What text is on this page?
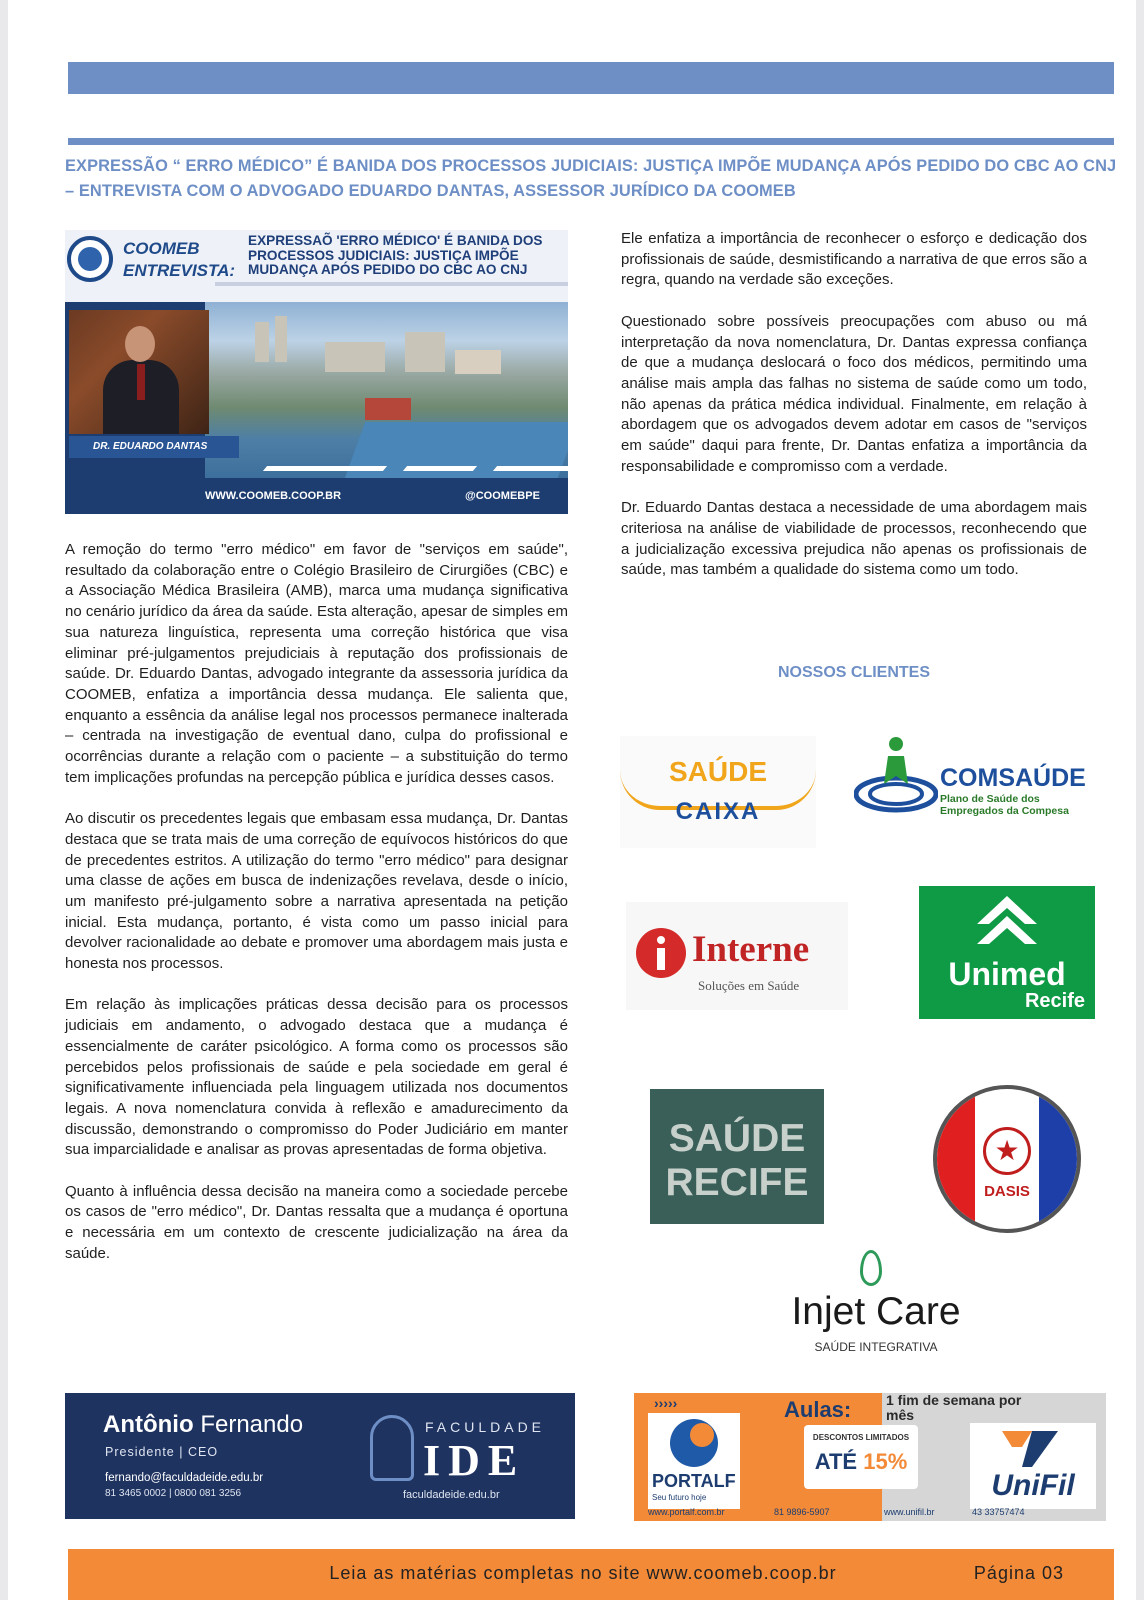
EXPRESSÃO “ ERRO MÉDICO” É BANIDA DOS PROCESSOS JUDICIAIS: JUSTIÇA IMPÕE MUDANÇA APÓS PEDIDO DO CBC AO CNJ – ENTREVISTA COM O ADVOGADO EDUARDO DANTAS, ASSESSOR JURÍDICO DA COOMEB
COOMEB
ENTREVISTA:
EXPRESSAÕ 'ERRO MÉDICO' É BANIDA DOS PROCESSOS JUDICIAIS: JUSTIÇA IMPÕE MUDANÇA APÓS PEDIDO DO CBC AO CNJ
DR. EDUARDO DANTAS
WWW.COOMEB.COOP.BR	@COOMEBPE

A remoção do termo "erro médico" em favor de "serviços em saúde", resultado da colaboração entre o Colégio Brasileiro de Cirurgiões (CBC) e a Associação Médica Brasileira (AMB), marca uma mudança significativa no cenário jurídico da área da saúde. Esta alteração, apesar de simples em sua natureza linguística, representa uma correção histórica que visa eliminar pré-julgamentos prejudiciais à reputação dos profissionais de saúde. Dr. Eduardo Dantas, advogado integrante da assessoria jurídica da COOMEB, enfatiza a importância dessa mudança. Ele salienta que, enquanto a essência da análise legal nos processos permanece inalterada – centrada na investigação de eventual dano, culpa do profissional e ocorrências durante a relação com o paciente – a substituição do termo tem implicações profundas na percepção pública e jurídica desses casos.

Ao discutir os precedentes legais que embasam essa mudança, Dr. Dantas destaca que se trata mais de uma correção de equívocos históricos do que de precedentes estritos. A utilização do termo "erro médico" para designar uma classe de ações em busca de indenizações revelava, desde o início, um manifesto pré-julgamento sobre a narrativa apresentada na petição inicial. Esta mudança, portanto, é vista como um passo inicial para devolver racionalidade ao debate e promover uma abordagem mais justa e honesta nos processos.

Em relação às implicações práticas dessa decisão para os processos judiciais em andamento, o advogado destaca que a mudança é essencialmente de caráter psicológico. A forma como os processos são percebidos pelos profissionais de saúde e pela sociedade em geral é significativamente influenciada pela linguagem utilizada nos documentos legais. A nova nomenclatura convida à reflexão e amadurecimento da discussão, demonstrando o compromisso do Poder Judiciário em manter sua imparcialidade e analisar as provas apresentadas de forma objetiva.

Quanto à influência dessa decisão na maneira como a sociedade percebe os casos de "erro médico", Dr. Dantas ressalta que a mudança é oportuna e necessária em um contexto de crescente judicialização na área da saúde.

Ele enfatiza a importância de reconhecer o esforço e dedicação dos profissionais de saúde, desmistificando a narrativa de que erros são a regra, quando na verdade são exceções.

Questionado sobre possíveis preocupações com abuso ou má interpretação da nova nomenclatura, Dr. Dantas expressa confiança de que a mudança deslocará o foco dos médicos, permitindo uma análise mais ampla das falhas no sistema de saúde como um todo, não apenas da prática médica individual. Finalmente, em relação à abordagem que os advogados devem adotar em casos de "serviços em saúde" daqui para frente, Dr. Dantas enfatiza a importância da responsabilidade e compromisso com a verdade.

Dr. Eduardo Dantas destaca a necessidade de uma abordagem mais criteriosa na análise de viabilidade de processos, reconhecendo que a judicialização excessiva prejudica não apenas os profissionais de saúde, mas também a qualidade do sistema como um todo.

NOSSOS CLIENTES
SAÚDE
CAIXA
COMSAÚDE
Plano de Saúde dos
Empregados da Compesa
Interne
Soluções em Saúde	Unimed
Recife
SAÚDE
RECIFE
★
DASIS
Injet Care
SAÚDE INTEGRATIVA
Antônio Fernando
Presidente | CEO
fernando@faculdadeide.edu.br
81 3465 0002 | 0800 081 3256
FACULDADE
IDE
faculdadeide.edu.br
›››››	Aulas: 1 fim de semana por mês
DESCONTOS LIMITADOS
ATÉ 15%
PORTALF
Seu futuro hoje	UniFil
www.portalf.com.br	81 9896-5907	www.unifil.br	43 33757474
Leia as matérias completas no site www.coomeb.coop.br	Página 03
